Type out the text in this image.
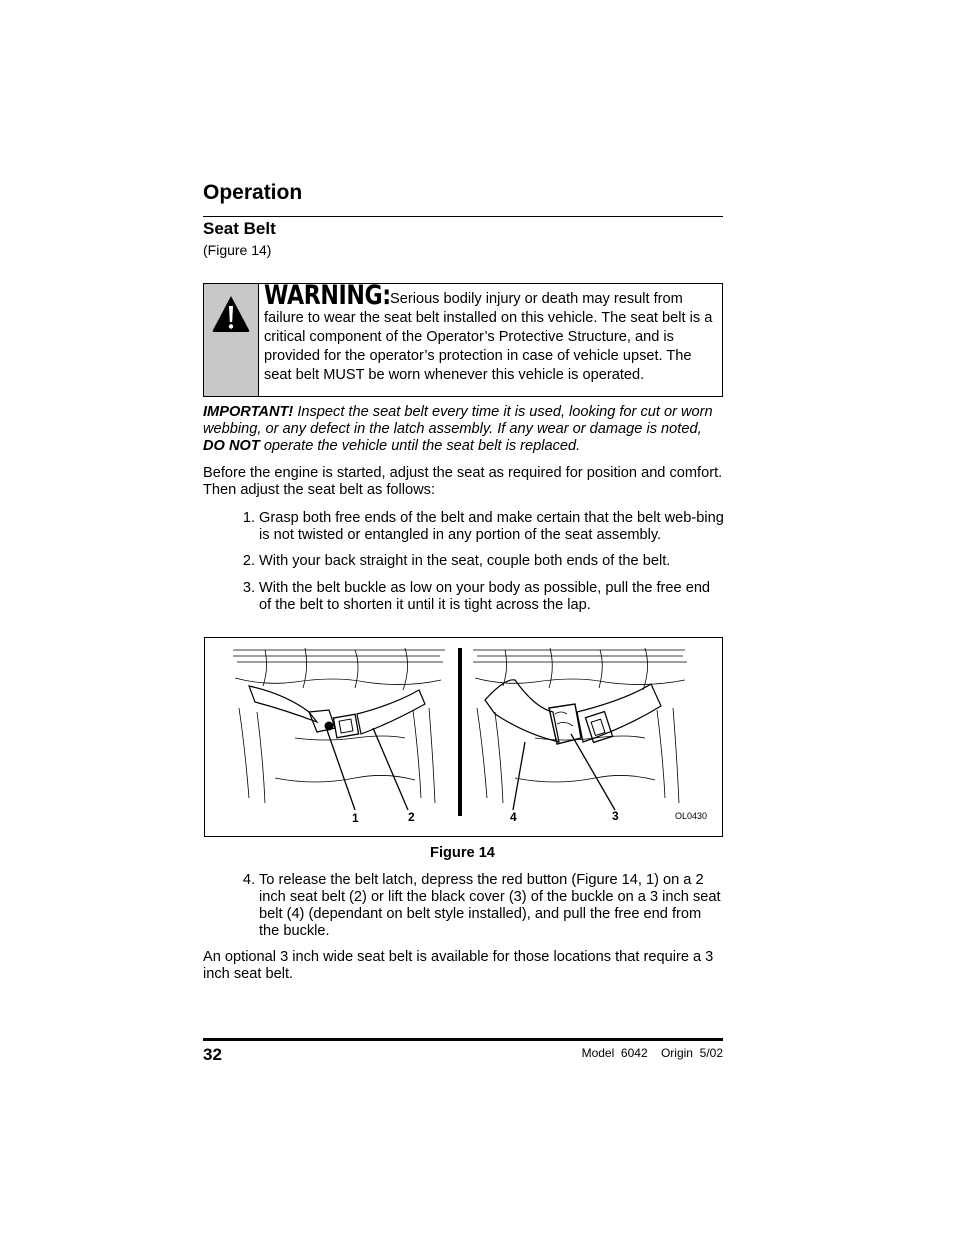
Operation
Seat Belt
(Figure 14)
WARNING:Serious bodily injury or death may result from failure to wear the seat belt installed on this vehicle. The seat belt is a critical component of the Operator’s Protective Structure, and is provided for the operator’s protection in case of vehicle upset. The seat belt MUST be worn whenever this vehicle is operated.
IMPORTANT! Inspect the seat belt every time it is used, looking for cut or worn webbing, or any defect in the latch assembly. If any wear or damage is noted, DO NOT operate the vehicle until the seat belt is replaced.
Before the engine is started, adjust the seat as required for position and comfort. Then adjust the seat belt as follows:
1. Grasp both free ends of the belt and make certain that the belt web-bing is not twisted or entangled in any portion of the seat assembly.
2. With your back straight in the seat, couple both ends of the belt.
3. With the belt buckle as low on your body as possible, pull the free end of the belt to shorten it until it is tight across the lap.
1	2	4	3	OL0430
Figure 14
4. To release the belt latch, depress the red button (Figure 14, 1) on a 2 inch seat belt (2) or lift the black cover (3) of the buckle on a 3 inch seat belt (4) (dependant on belt style installed), and pull the free end from the buckle.
An optional 3 inch wide seat belt is available for those locations that require a 3 inch seat belt.
32	Model  6042    Origin  5/02
